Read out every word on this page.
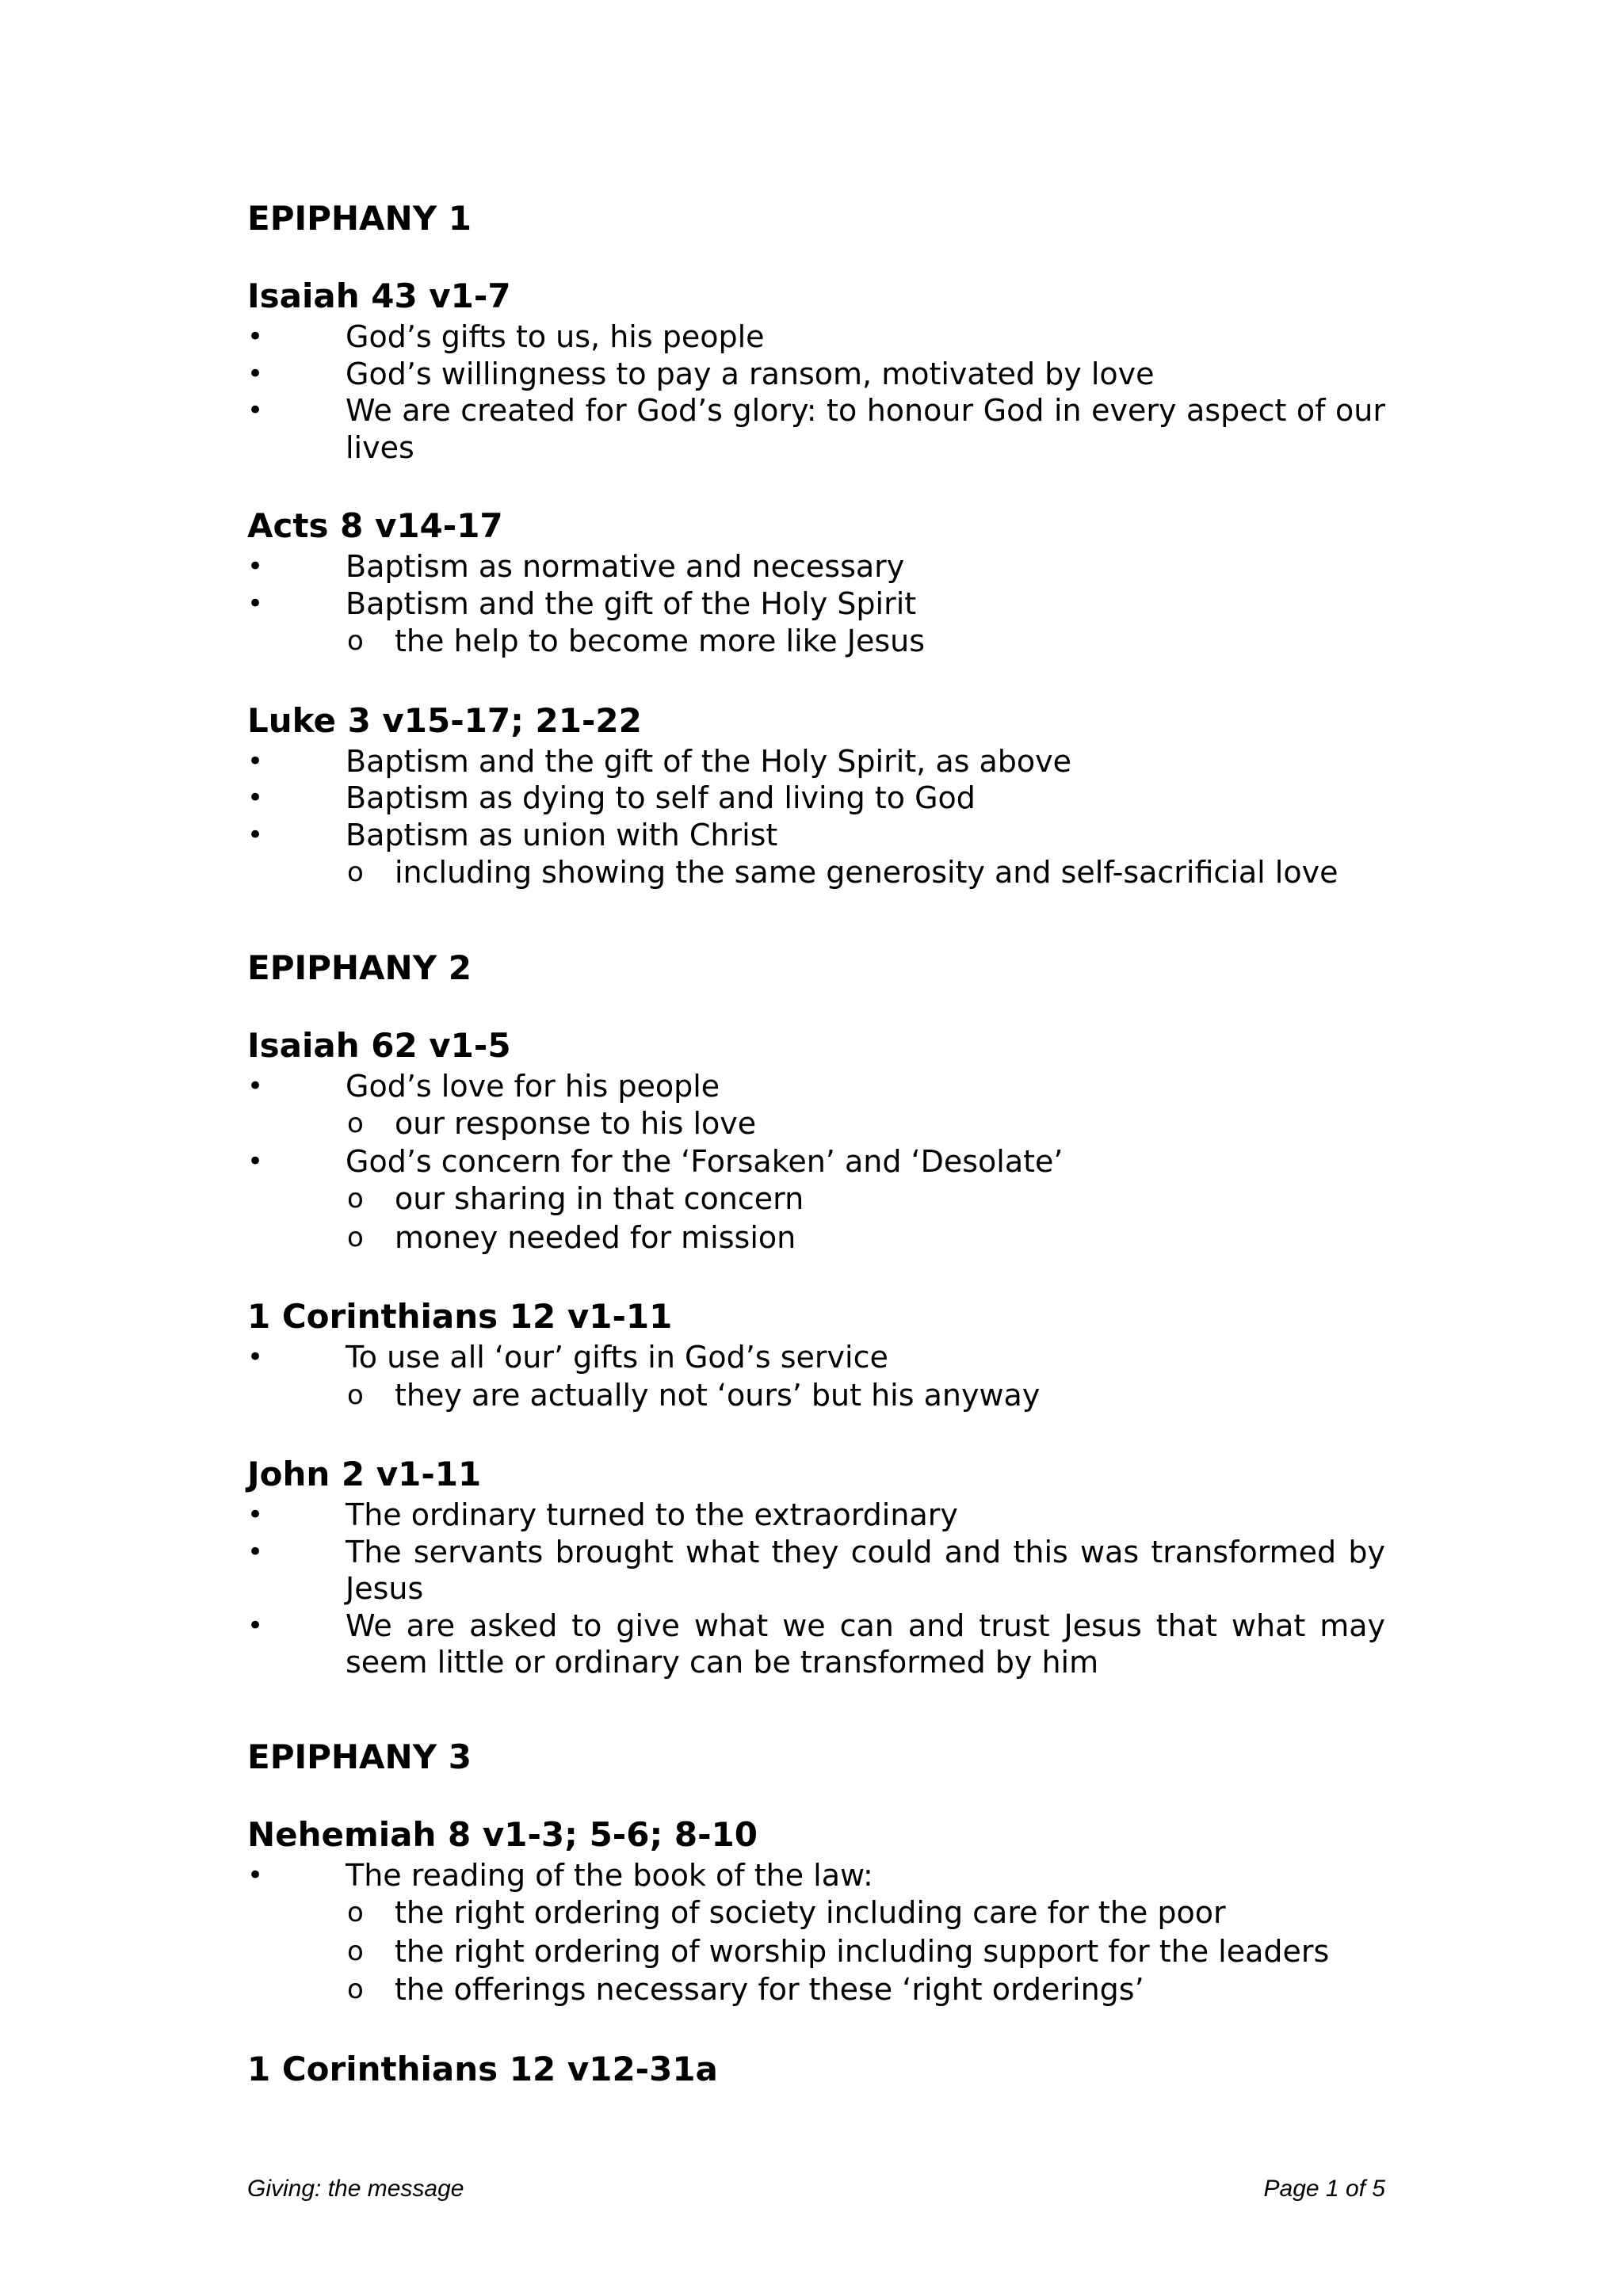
EPIPHANY 1
Isaiah 43 v1-7
•	God’s gifts to us, his people
•	God’s willingness to pay a ransom, motivated by love
•	We are created for God’s glory: to honour God in every aspect of our lives
Acts 8 v14-17
•	Baptism as normative and necessary
•	Baptism and the gift of the Holy Spirit
o the help to become more like Jesus
Luke 3 v15-17; 21-22
•	Baptism and the gift of the Holy Spirit, as above
•	Baptism as dying to self and living to God
•	Baptism as union with Christ
o including showing the same generosity and self-sacrificial love
EPIPHANY 2
Isaiah 62 v1-5
•	God’s love for his people
o our response to his love
•	God’s concern for the ‘Forsaken’ and ‘Desolate’
o our sharing in that concern
o money needed for mission
1 Corinthians 12 v1-11
•	To use all ‘our’ gifts in God’s service
o they are actually not ‘ours’ but his anyway
John 2 v1-11
•	The ordinary turned to the extraordinary
•	The servants brought what they could and this was transformed by Jesus
•	We are asked to give what we can and trust Jesus that what may seem little or ordinary can be transformed by him
EPIPHANY 3
Nehemiah 8 v1-3; 5-6; 8-10
•	The reading of the book of the law:
o the right ordering of society including care for the poor
o the right ordering of worship including support for the leaders
o the offerings necessary for these ‘right orderings’
1 Corinthians 12 v12-31a
Giving: the message	Page 1 of 5
